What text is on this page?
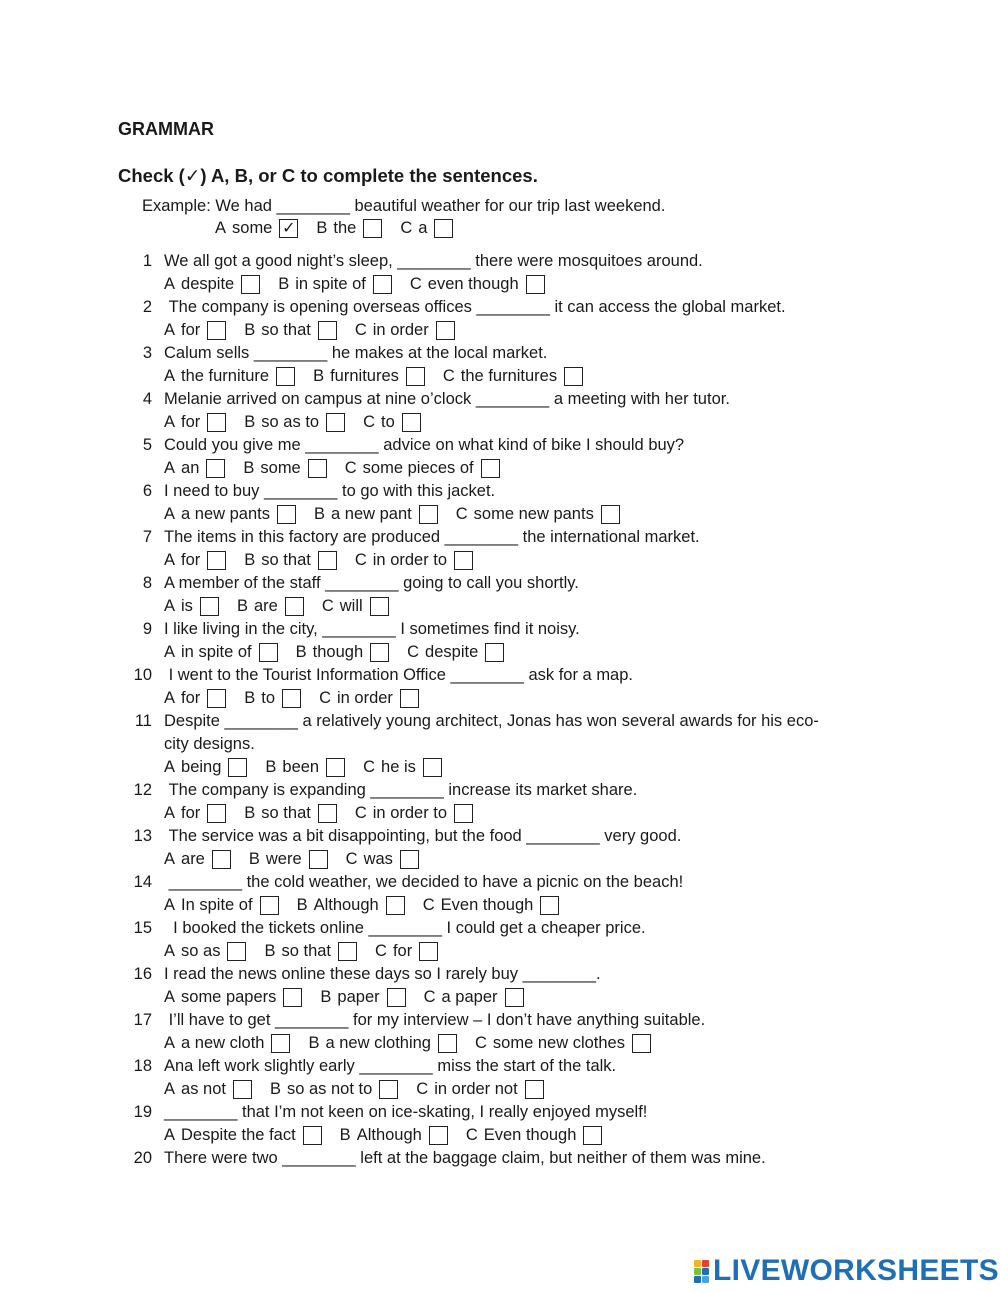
GRAMMAR

Check (✓) A, B, or C to complete the sentences.

Example: We had ________ beautiful weather for our trip last weekend.
A some ✓ B the	C a
1 We all got a good night’s sleep, ________ there were mosquitoes around.
A despite	B in spite of	C even though
2 The company is opening overseas offices ________ it can access the global market.
A for	B so that	C in order
3 Calum sells ________ he makes at the local market.
A the furniture	B furnitures	C the furnitures
4 Melanie arrived on campus at nine o’clock ________ a meeting with her tutor.
A for	B so as to	C to
5 Could you give me ________ advice on what kind of bike I should buy?
A an	B some	C some pieces of
6 I need to buy ________ to go with this jacket.
A a new pants	B a new pant	C some new pants
7 The items in this factory are produced ________ the international market.
A for	B so that	C in order to
8 A member of the staff ________ going to call you shortly.
A is	B are	C will
9 I like living in the city, ________ I sometimes find it noisy.
A in spite of	B though	C despite
10 I went to the Tourist Information Office ________ ask for a map.
A for	B to	C in order
11 Despite ________ a relatively young architect, Jonas has won several awards for his eco-
city designs.
A being	B been	C he is
12 The company is expanding ________ increase its market share.
A for	B so that	C in order to
13 The service was a bit disappointing, but the food ________ very good.
A are	B were	C was
14 ________ the cold weather, we decided to have a picnic on the beach!
A In spite of	B Although	C Even though
15 I booked the tickets online ________ I could get a cheaper price.
A so as	B so that	C for
16 I read the news online these days so I rarely buy ________.
A some papers	B paper	C a paper
17 I’ll have to get ________ for my interview – I don’t have anything suitable.
A a new cloth	B a new clothing	C some new clothes
18 Ana left work slightly early ________ miss the start of the talk.
A as not	B so as not to	C in order not
19 ________ that I’m not keen on ice-skating, I really enjoyed myself!
A Despite the fact	B Although	C Even though
20 There were two ________ left at the baggage claim, but neither of them was mine.
LIVEWORKSHEETS
